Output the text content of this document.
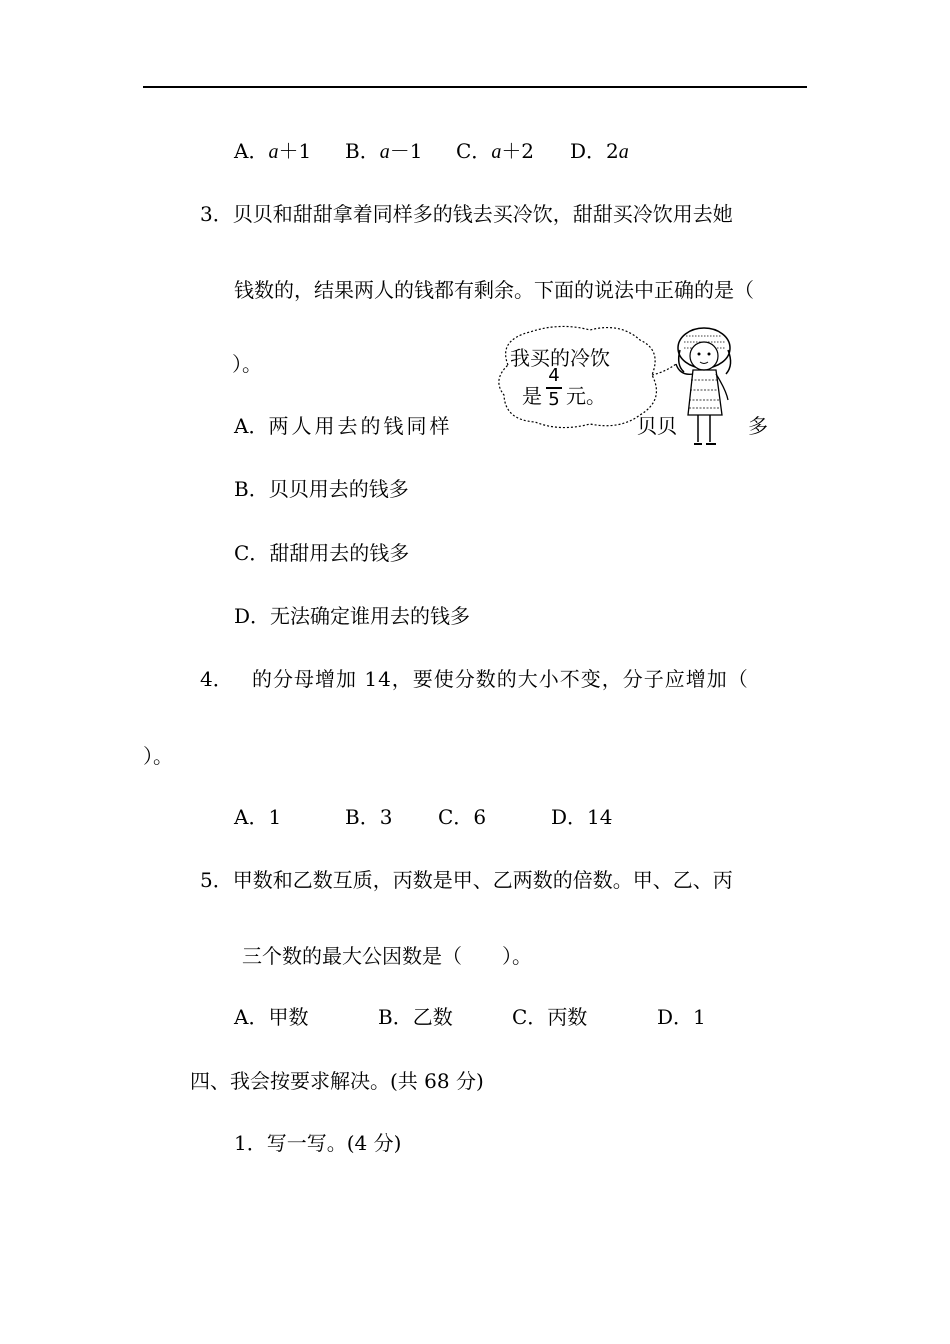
A．a＋1 B．a－1 C．a＋2 D．2a
3．贝贝和甜甜拿着同样多的钱去买冷饮，甜甜买冷饮用去她
钱数的，结果两人的钱都有剩余。下面的说法中正确的是（
）。	我买的冷饮
是
4
5 元。
A．两人用去的钱同样	贝贝	多
B．贝贝用去的钱多
C．甜甜用去的钱多
D．无法确定谁用去的钱多
4． 的分母增加 14，要使分数的大小不变，分子应增加（
）。
A．1	B．3 C．6	D．14
5．甲数和乙数互质，丙数是甲、乙两数的倍数。甲、乙、丙
三个数的最大公因数是（　　）。
A．甲数	B．乙数	C．丙数	D．1
四、我会按要求解决。(共 68 分)
1．写一写。(4 分)
